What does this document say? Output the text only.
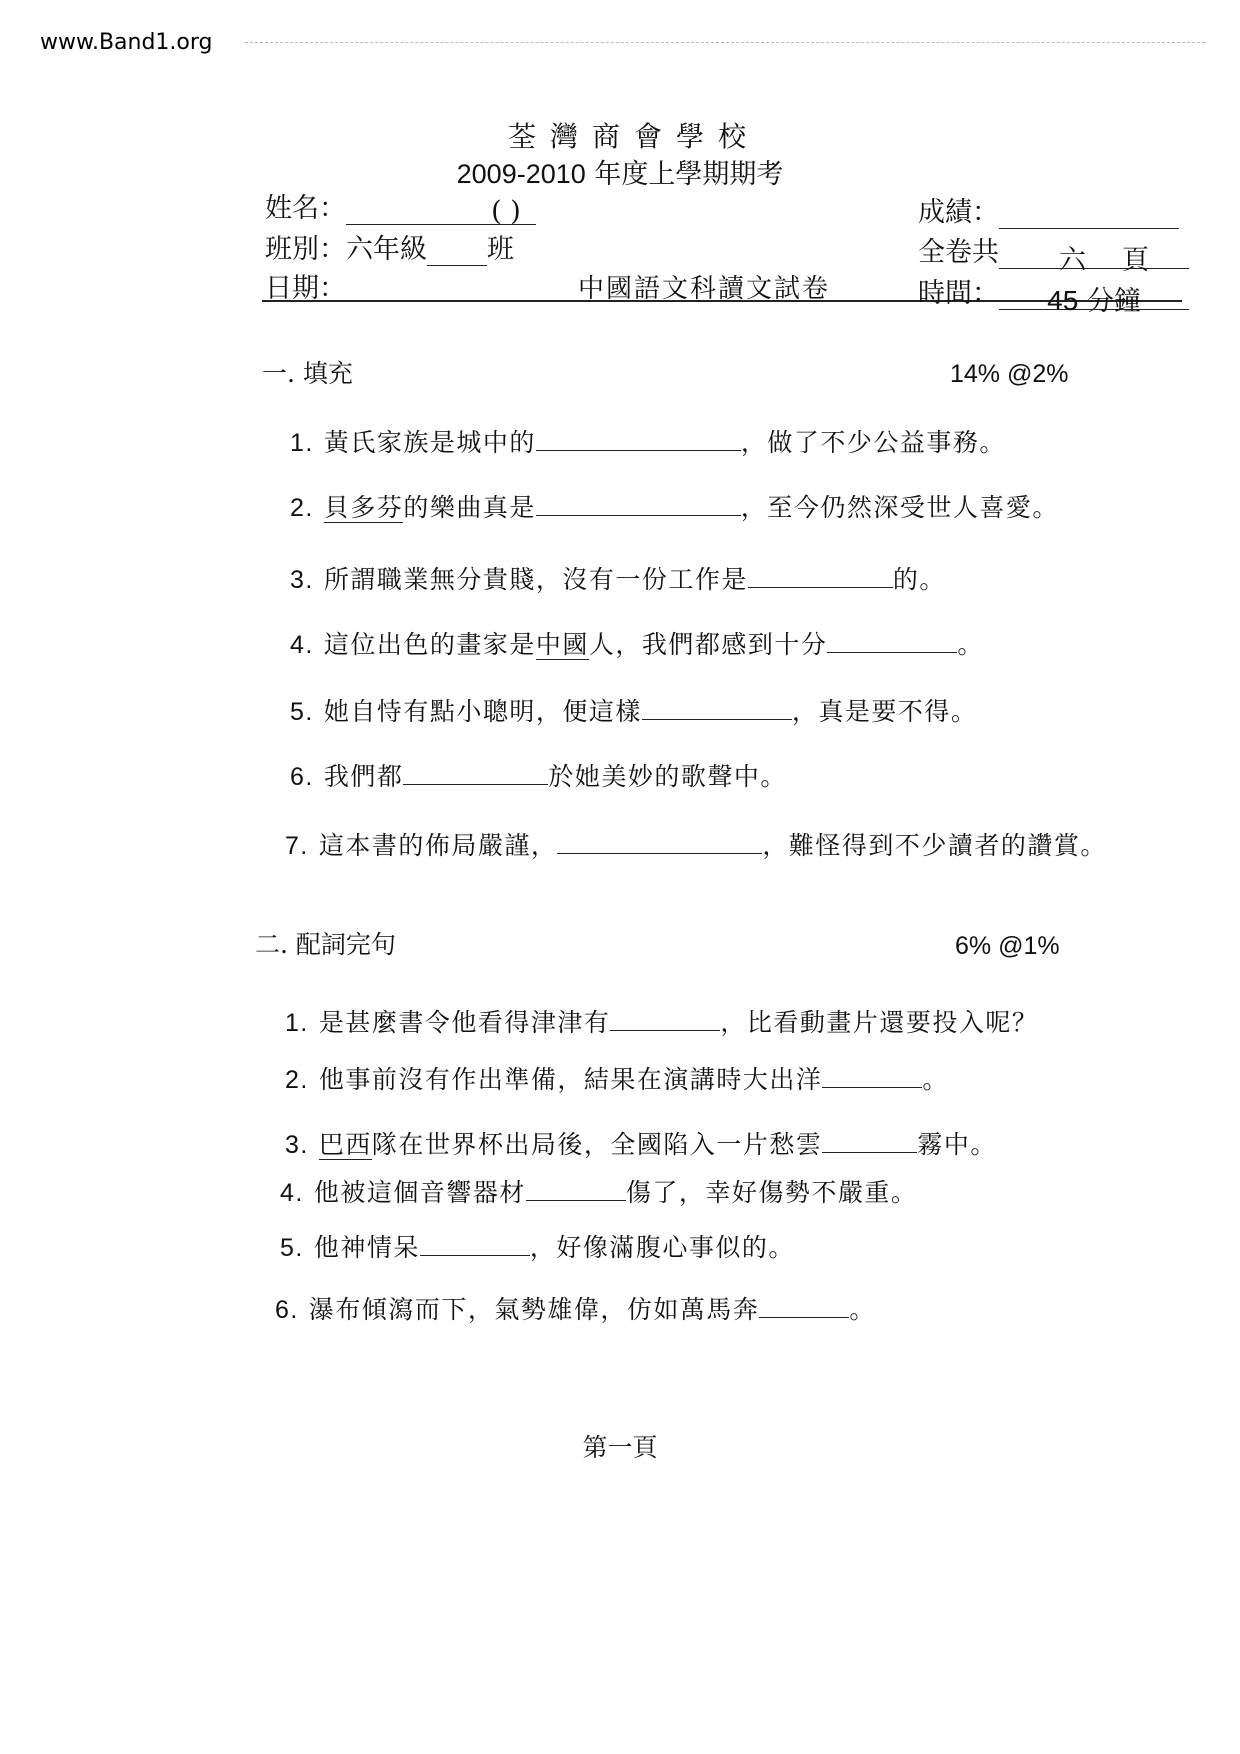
www.Band1.org
荃灣商會學校
2009-2010 年度上學期期考
姓名：	( )
班別：六年級 班
日期：	中國語文科讀文試卷
成績：
全卷共 六頁
時間： 45 分鐘
一. 填充	14% @2%
1. 黃氏家族是城中的	，做了不少公益事務。
2. 貝多芬的樂曲真是	，至今仍然深受世人喜愛。
3. 所謂職業無分貴賤，沒有一份工作是	的。
4. 這位出色的畫家是中國人，我們都感到十分	。
5. 她自恃有點小聰明，便這樣	，真是要不得。
6. 我們都	於她美妙的歌聲中。
7. 這本書的佈局嚴謹，	，難怪得到不少讀者的讚賞。
二. 配詞完句	6% @1%
1. 是甚麼書令他看得津津有	，比看動畫片還要投入呢？
2. 他事前沒有作出準備，結果在演講時大出洋	。
3. 巴西隊在世界杯出局後，全國陷入一片愁雲	霧中。
4. 他被這個音響器材	傷了，幸好傷勢不嚴重。
5. 他神情呆	，好像滿腹心事似的。
6. 瀑布傾瀉而下，氣勢雄偉，仿如萬馬奔	。
第一頁
